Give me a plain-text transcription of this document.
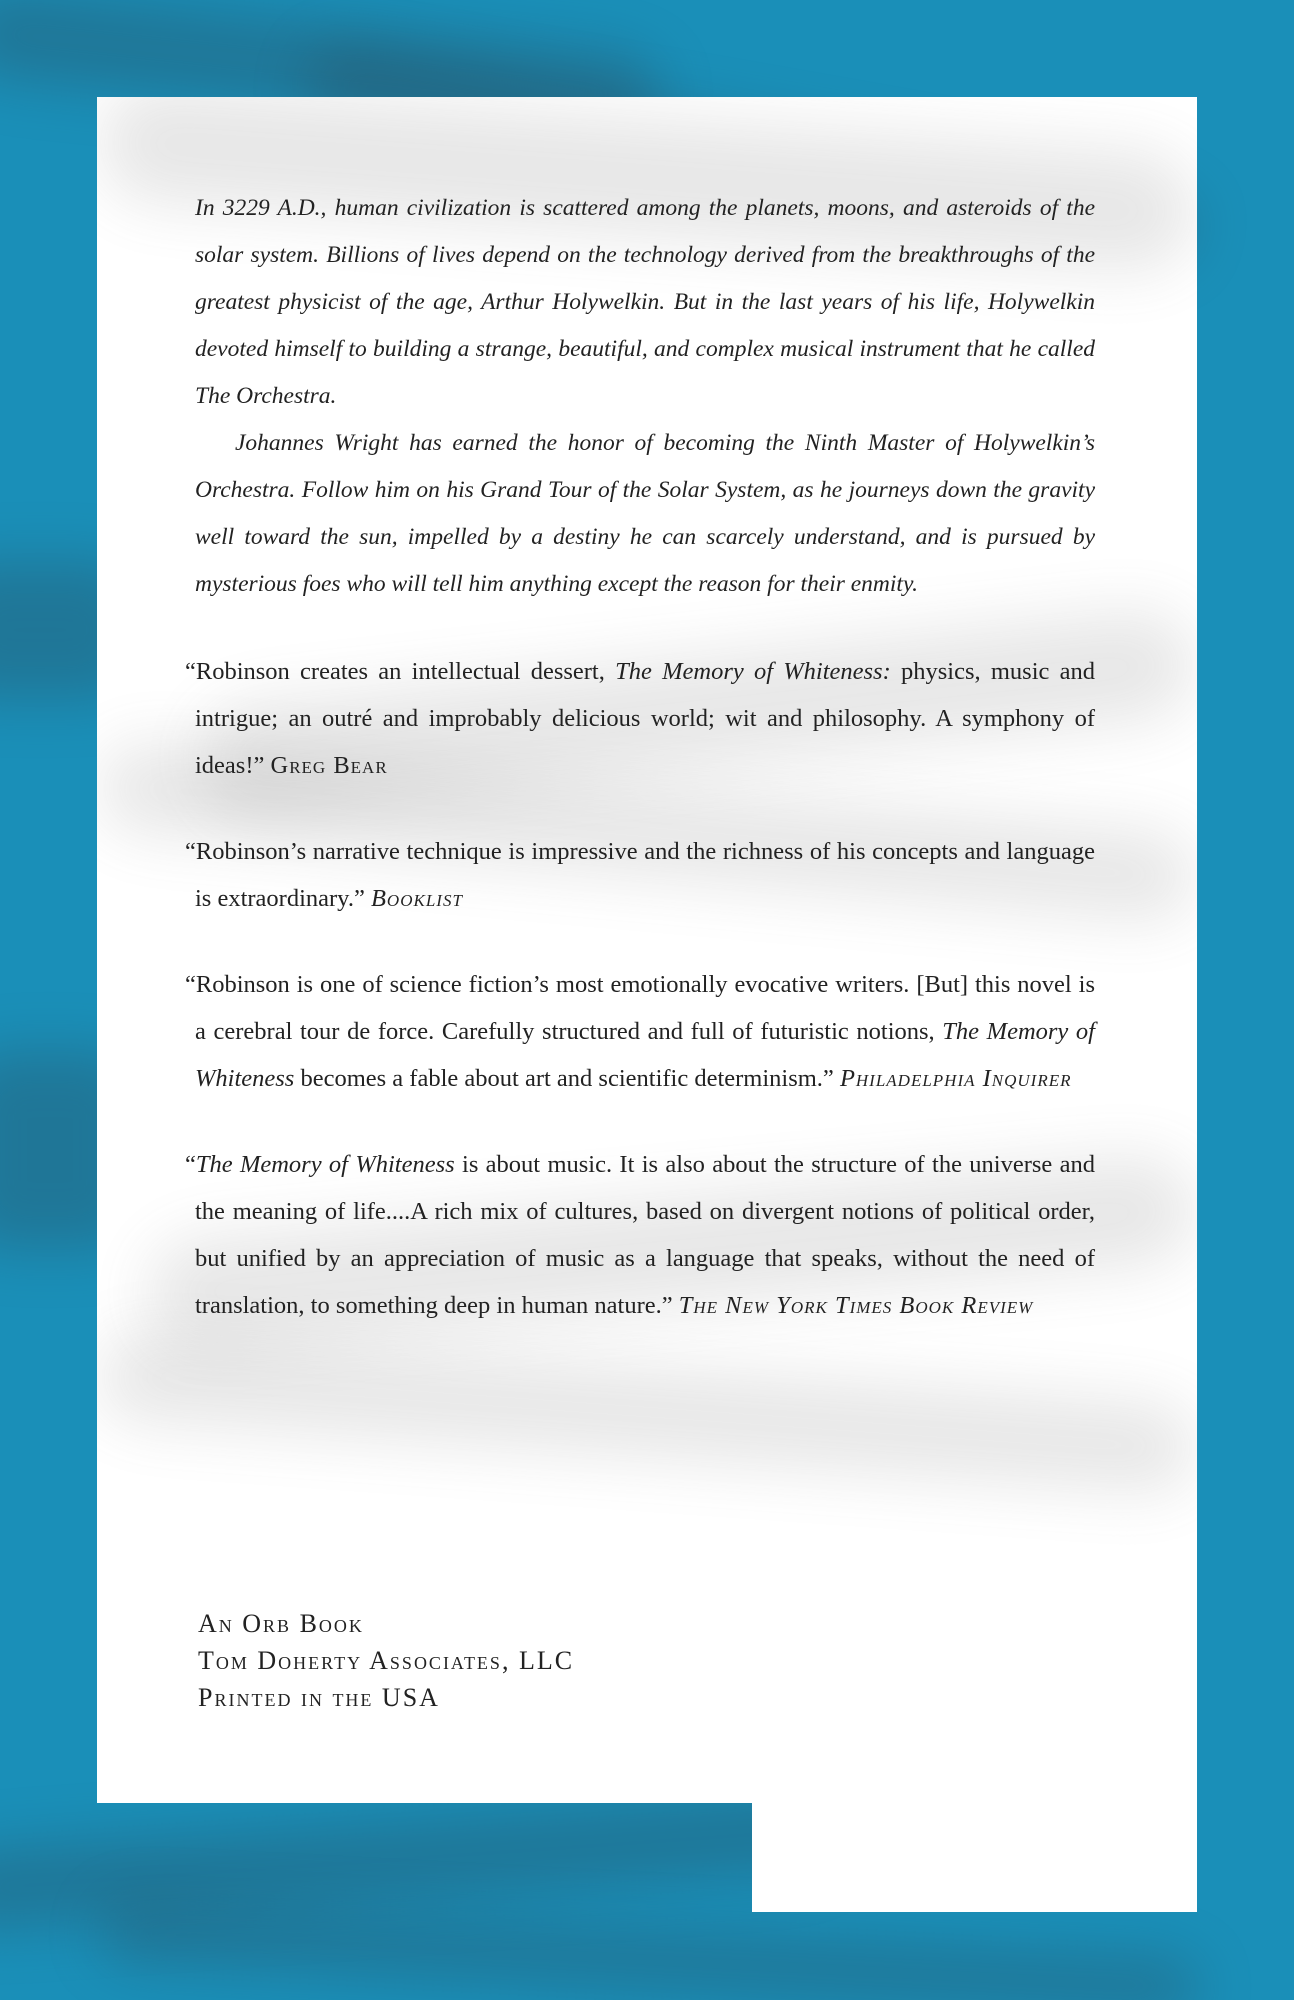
In 3229 A.D., human civilization is scattered among the planets, moons, and asteroids of the solar system. Billions of lives depend on the technology derived from the breakthroughs of the greatest physicist of the age, Arthur Holywelkin. But in the last years of his life, Holywelkin devoted himself to building a strange, beautiful, and complex musical instrument that he called The Orchestra.

Johannes Wright has earned the honor of becoming the Ninth Master of Holywelkin’s Orchestra. Follow him on his Grand Tour of the Solar System, as he journeys down the gravity well toward the sun, impelled by a destiny he can scarcely understand, and is pursued by mysterious foes who will tell him anything except the reason for their enmity.

“Robinson creates an intellectual dessert, The Memory of Whiteness: physics, music and intrigue; an outré and improbably delicious world; wit and philosophy. A symphony of ideas!” Greg Bear

“Robinson’s narrative technique is impressive and the richness of his concepts and language is extraordinary.” Booklist

“Robinson is one of science fiction’s most emotionally evocative writers. [But] this novel is a cerebral tour de force. Carefully structured and full of futuristic notions, The Memory of Whiteness becomes a fable about art and scientific determinism.” Philadelphia Inquirer

“The Memory of Whiteness is about music. It is also about the structure of the universe and the meaning of life....A rich mix of cultures, based on divergent notions of political order, but unified by an appreciation of music as a language that speaks, without the need of translation, to something deep in human nature.” The New York Times Book Review

An Orb Book
Tom Doherty Associates, LLC
Printed in the USA
